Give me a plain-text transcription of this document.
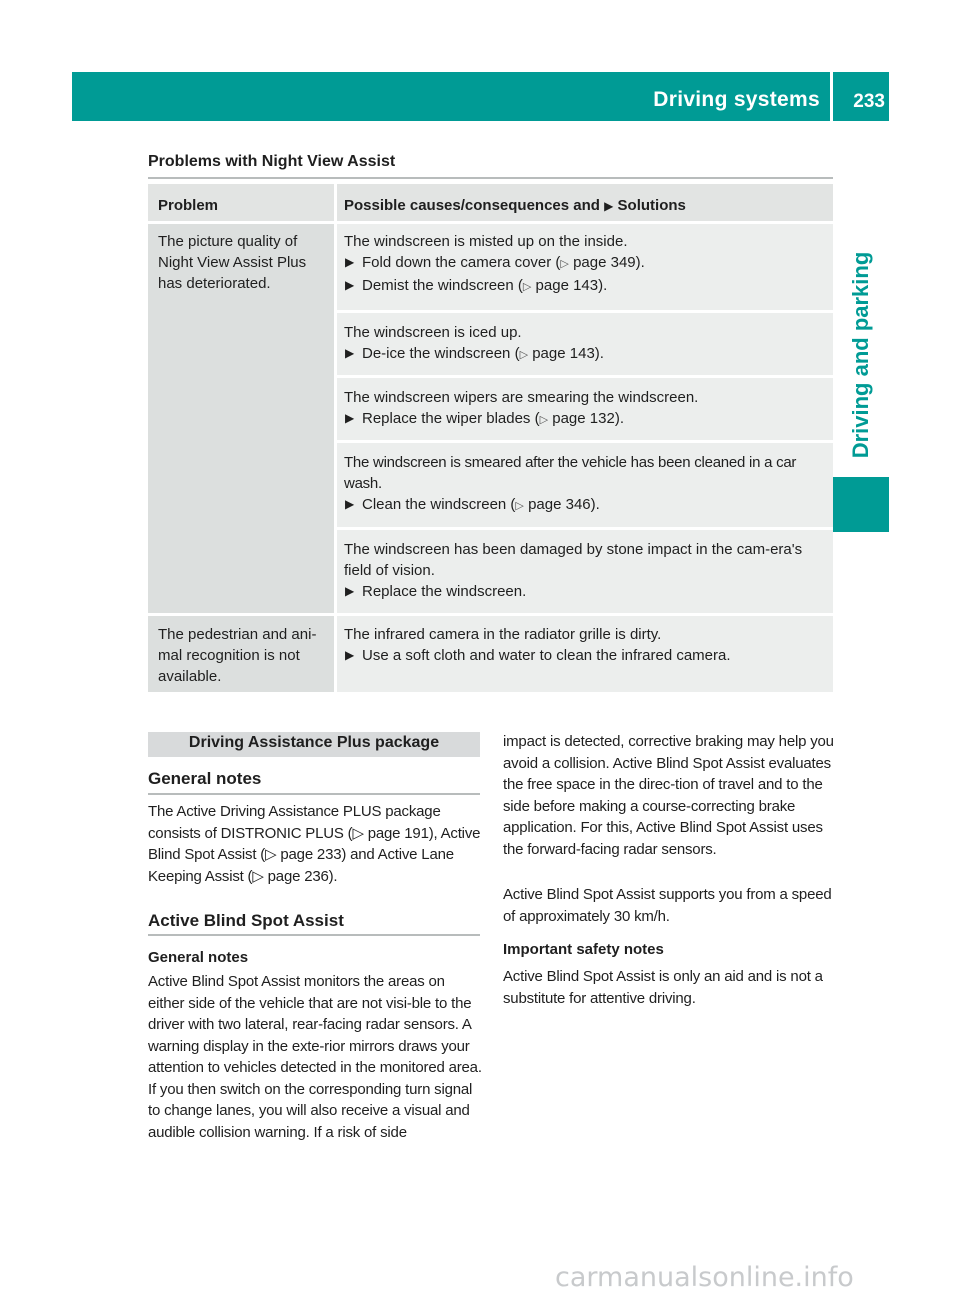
Driving systems 233
Driving and parking
Problems with Night View Assist
Problem	Possible causes/consequences and ▶ Solutions

The picture quality of Night View Assist Plus has deteriorated.

The windscreen is misted up on the inside.

▶ Fold down the camera cover (▷ page 349).

▶ Demist the windscreen (▷ page 143).

The windscreen is iced up.

▶ De-ice the windscreen (▷ page 143).

The windscreen wipers are smearing the windscreen.

▶ Replace the wiper blades (▷ page 132).

The windscreen is smeared after the vehicle has been cleaned in a car wash.

▶ Clean the windscreen (▷ page 346).

The windscreen has been damaged by stone impact in the cam-era's field of vision.

▶ Replace the windscreen.

The pedestrian and ani-mal recognition is not available.

The infrared camera in the radiator grille is dirty.

▶ Use a soft cloth and water to clean the infrared camera.

Driving Assistance Plus package
General notes

The Active Driving Assistance PLUS package consists of DISTRONIC PLUS (▷ page 191), Active Blind Spot Assist (▷ page 233) and Active Lane Keeping Assist (▷ page 236).

Active Blind Spot Assist
General notes

Active Blind Spot Assist monitors the areas on either side of the vehicle that are not visi-ble to the driver with two lateral, rear-facing radar sensors. A warning display in the exte-rior mirrors draws your attention to vehicles detected in the monitored area. If you then switch on the corresponding turn signal to change lanes, you will also receive a visual and audible collision warning. If a risk of side

impact is detected, corrective braking may help you avoid a collision. Active Blind Spot Assist evaluates the free space in the direc-tion of travel and to the side before making a course-correcting brake application. For this, Active Blind Spot Assist uses the forward-facing radar sensors.

Active Blind Spot Assist supports you from a speed of approximately 30 km/h.

Important safety notes

Active Blind Spot Assist is only an aid and is not a substitute for attentive driving.

carmanualsonline.info
